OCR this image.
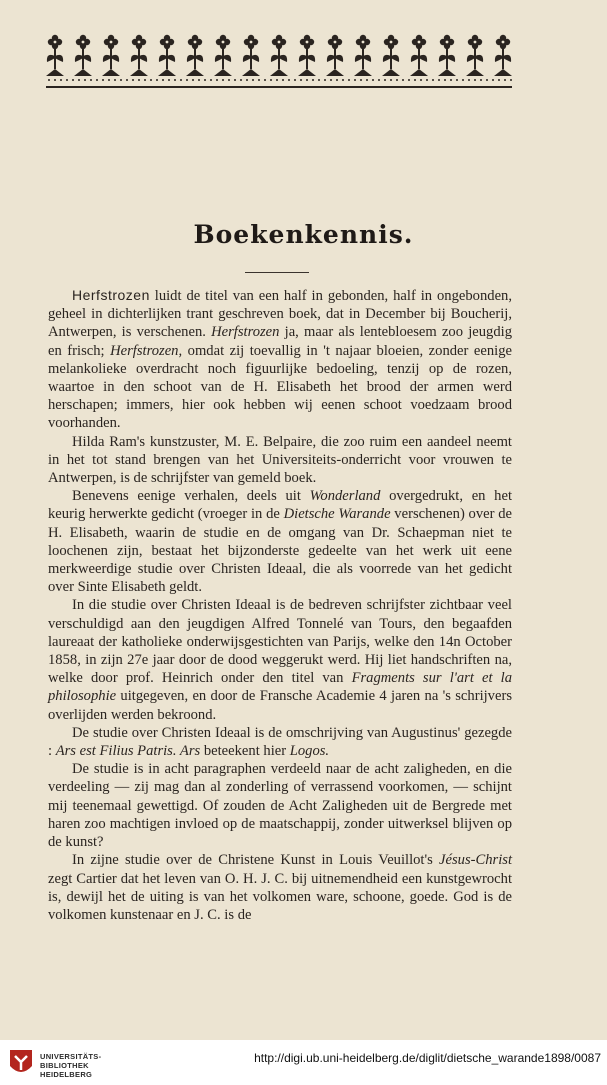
Boekenkennis.

Herfstrozen luidt de titel van een half in gebonden, half in ongebonden, geheel in dichterlijken trant geschreven boek, dat in December bij Boucherij, Antwerpen, is verschenen. Herfstrozen ja, maar als lentebloesem zoo jeugdig en frisch; Herfstrozen, omdat zij toevallig in 't najaar bloeien, zonder eenige melankolieke overdracht noch figuurlijke bedoeling, tenzij op de rozen, waartoe in den schoot van de H. Elisabeth het brood der armen werd herschapen; immers, hier ook hebben wij eenen schoot voedzaam brood voorhanden.

Hilda Ram's kunstzuster, M. E. Belpaire, die zoo ruim een aandeel neemt in het tot stand brengen van het Universiteits-onderricht voor vrouwen te Antwerpen, is de schrijfster van gemeld boek.

Benevens eenige verhalen, deels uit Wonderland overgedrukt, en het keurig herwerkte gedicht (vroeger in de Dietsche Warande verschenen) over de H. Elisabeth, waarin de studie en de omgang van Dr. Schaepman niet te loochenen zijn, bestaat het bijzonderste gedeelte van het werk uit eene merkweerdige studie over Christen Ideaal, die als voorrede van het gedicht over Sinte Elisabeth geldt.

In die studie over Christen Ideaal is de bedreven schrijfster zichtbaar veel verschuldigd aan den jeugdigen Alfred Tonnelé van Tours, den begaafden laureaat der katholieke onderwijsgestichten van Parijs, welke den 14n October 1858, in zijn 27e jaar door de dood weggerukt werd. Hij liet handschriften na, welke door prof. Heinrich onder den titel van Fragments sur l'art et la philosophie uitgegeven, en door de Fransche Academie 4 jaren na 's schrijvers overlijden werden bekroond.

De studie over Christen Ideaal is de omschrijving van Augustinus' gezegde : Ars est Filius Patris. Ars beteekent hier Logos.

De studie is in acht paragraphen verdeeld naar de acht zaligheden, en die verdeeling — zij mag dan al zonderling of verrassend voorkomen, — schijnt mij teenemaal gewettigd. Of zouden de Acht Zaligheden uit de Bergrede met haren zoo machtigen invloed op de maatschappij, zonder uitwerksel blijven op de kunst?

In zijne studie over de Christene Kunst in Louis Veuillot's Jésus-Christ zegt Cartier dat het leven van O. H. J. C. bij uitnemendheid een kunstgewrocht is, dewijl het de uiting is van het volkomen ware, schoone, goede. God is de volkomen kunstenaar en J. C. is de

UNIVERSITÄTS-
BIBLIOTHEK
HEIDELBERG
http://digi.ub.uni-heidelberg.de/diglit/dietsche_warande1898/0087
